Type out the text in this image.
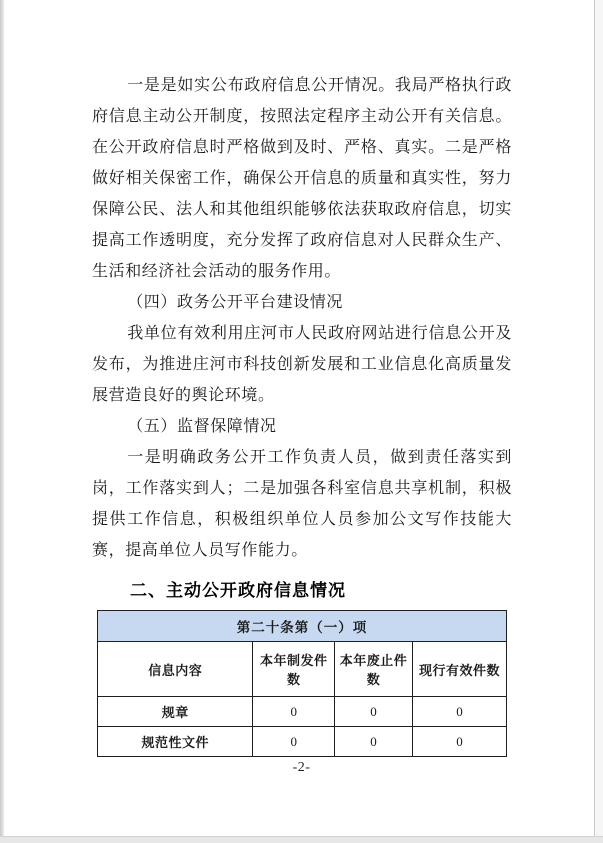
一是是如实公布政府信息公开情况。我局严格执行政府信息主动公开制度，按照法定程序主动公开有关信息。在公开政府信息时严格做到及时、严格、真实。二是严格做好相关保密工作，确保公开信息的质量和真实性，努力保障公民、法人和其他组织能够依法获取政府信息，切实提高工作透明度，充分发挥了政府信息对人民群众生产、生活和经济社会活动的服务作用。

（四）政务公开平台建设情况

我单位有效利用庄河市人民政府网站进行信息公开及发布，为推进庄河市科技创新发展和工业信息化高质量发展营造良好的舆论环境。

（五）监督保障情况

一是明确政务公开工作负责人员，做到责任落实到岗，工作落实到人；二是加强各科室信息共享机制，积极提供工作信息，积极组织单位人员参加公文写作技能大赛，提高单位人员写作能力。

二、主动公开政府信息情况
第二十条第（一）项			
信息内容	本年制发件数	本年废止件数	现行有效件数
规章	0	0	0
规范性文件	0	0	0
-2-
